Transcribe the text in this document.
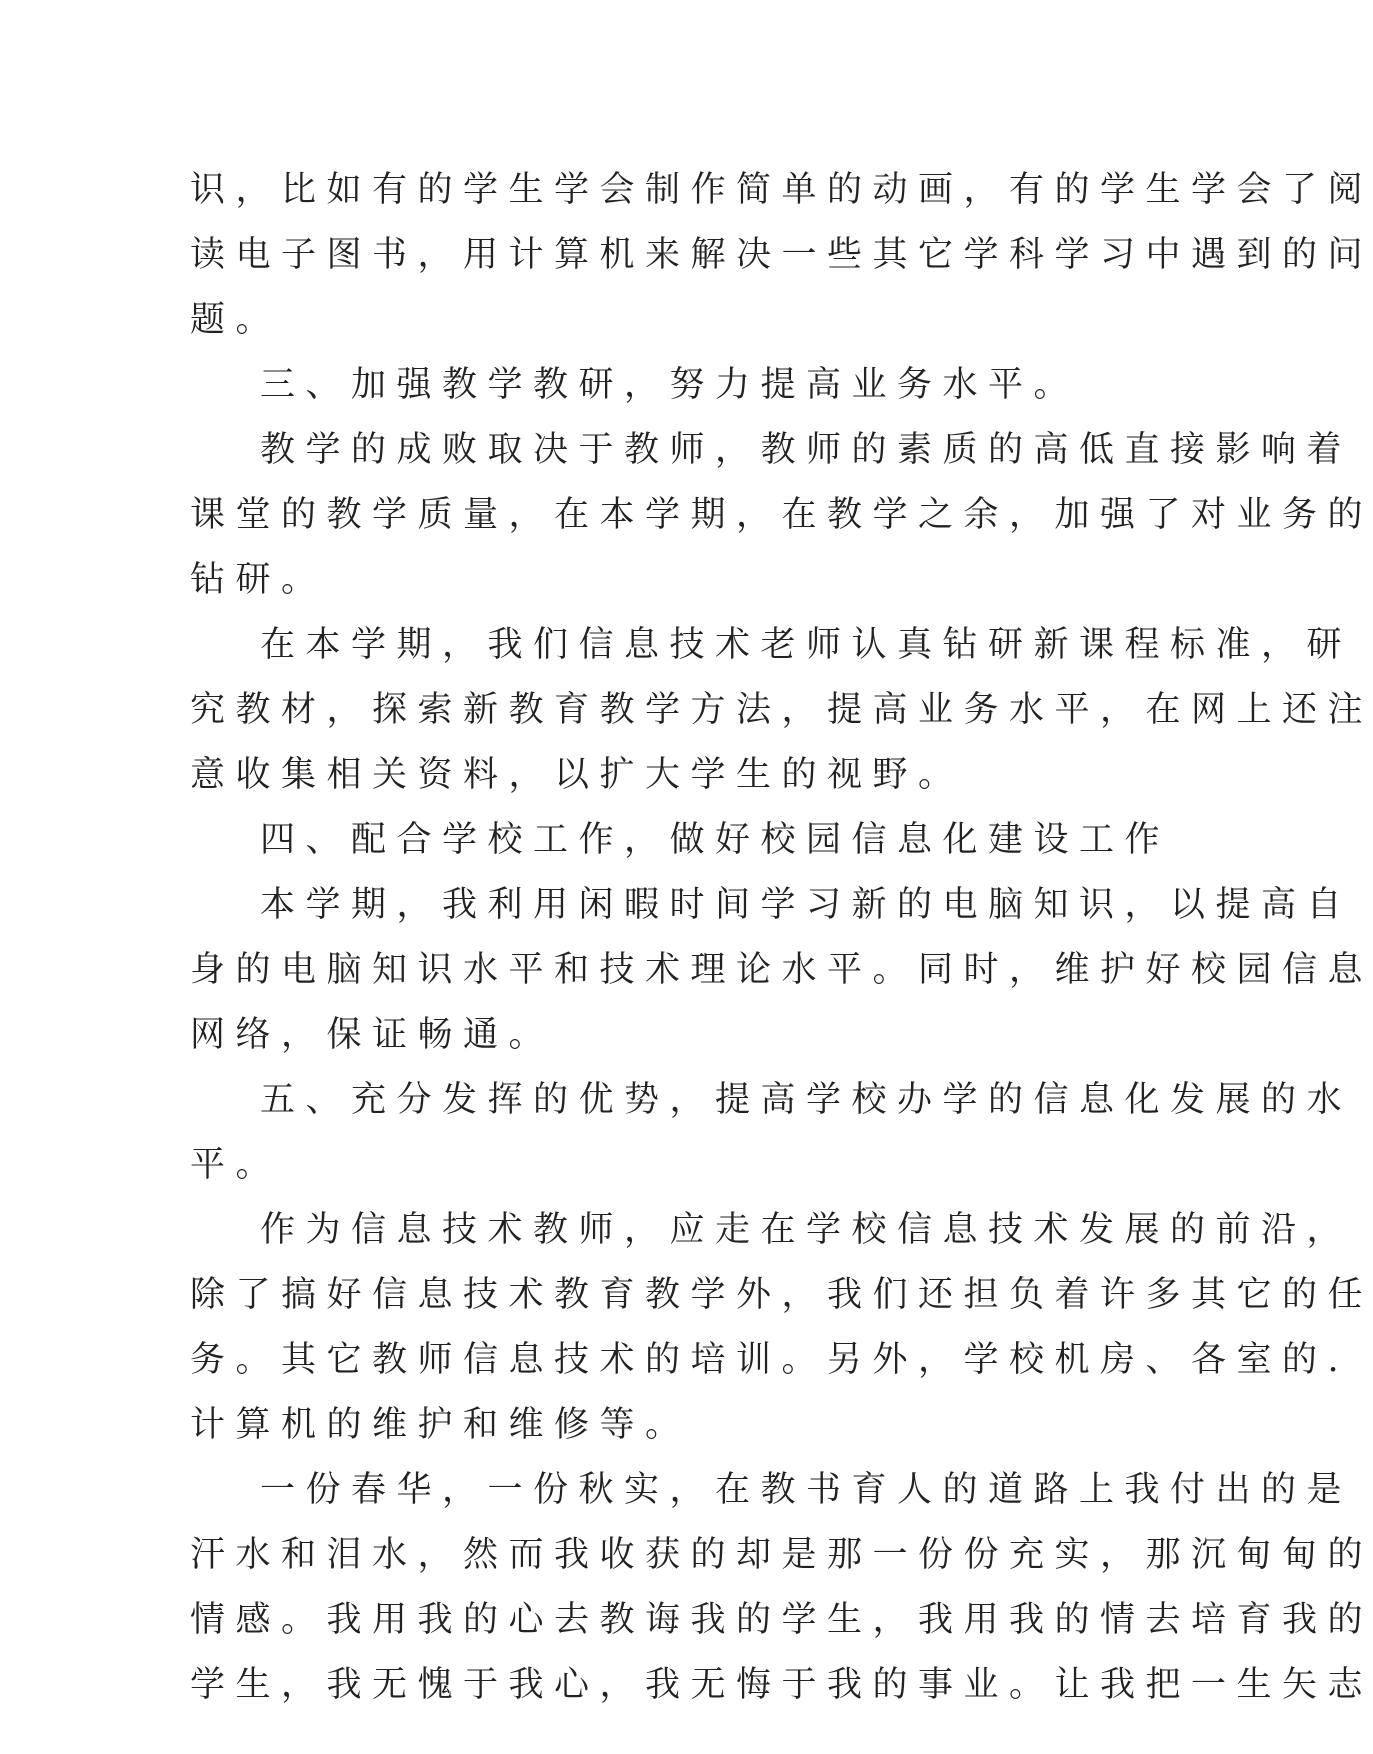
识，比如有的学生学会制作简单的动画，有的学生学会了阅

读电子图书，用计算机来解决一些其它学科学习中遇到的问

题。

三、加强教学教研，努力提高业务水平。

教学的成败取决于教师，教师的素质的高低直接影响着

课堂的教学质量，在本学期，在教学之余，加强了对业务的

钻研。

在本学期，我们信息技术老师认真钻研新课程标准，研

究教材，探索新教育教学方法，提高业务水平，在网上还注

意收集相关资料，以扩大学生的视野。

四、配合学校工作，做好校园信息化建设工作

本学期，我利用闲暇时间学习新的电脑知识，以提高自

身的电脑知识水平和技术理论水平。同时，维护好校园信息

网络，保证畅通。

五、充分发挥的优势，提高学校办学的信息化发展的水

平。

作为信息技术教师，应走在学校信息技术发展的前沿，

除了搞好信息技术教育教学外，我们还担负着许多其它的任

务。其它教师信息技术的培训。另外，学校机房、各室的.

计算机的维护和维修等。

一份春华，一份秋实，在教书育人的道路上我付出的是

汗水和泪水，然而我收获的却是那一份份充实，那沉甸甸的

情感。我用我的心去教诲我的学生，我用我的情去培育我的

学生，我无愧于我心，我无悔于我的事业。让我把一生矢志
